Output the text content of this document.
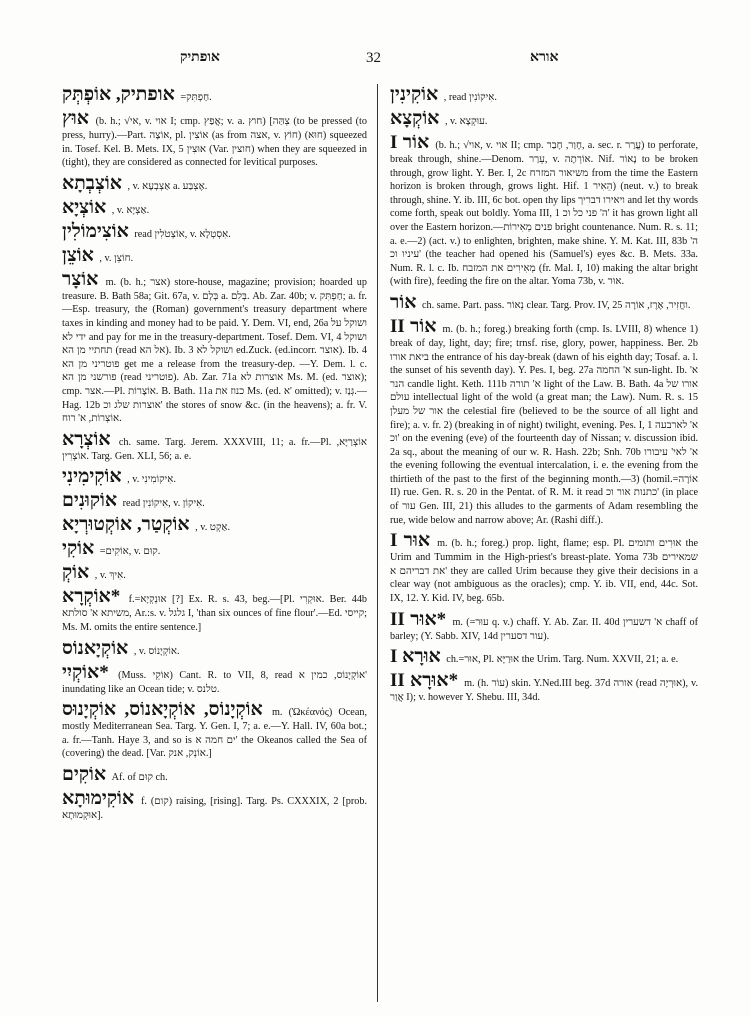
אופתיק	32	אורא

אופתיק, אוֹפְתְּק =חַפְתִּק.

אוּץ (b. h.; √אי, v. אוי I; cmp. אֲפַץ; v. a. חוץ) [צְהַּה (to be pressed (to press, hurry).—Part. אוֹצָה, pl. אוֹצִין (as from אצה, v. חוֹץ) (חוּא) squeezed in. Tosef. Kel. B. Mets. IX, 5 אוּצִין (Var. חוצין) when they are squeezed in (tight), they are considered as connected for levitical purposes.

אוֹצְבְתָא , v. אַצְבְעָא a. אֶצְבַּע.

אוֹצְיָא , v. אַצְיָא.

אוֹצִימוֹלִין read אוֹצְטֹלִין, v. אִסְטְלָא.

אוֹצֵן , v. חוֹצֵן.

אוֹצָר m. (b. h.; אצר) store-house, magazine; provision; hoarded up treasure. B. Bath 58a; Git. 67a, v. בְּלָם a. בְּלִם. Ab. Zar. 40b; v. חַפְתִּק; a. fr.—Esp. treasury, the (Roman) government's treasury department where taxes in kinding and money had to be paid. Y. Dem. VI, end, 26a ושוקל על ידי לא and pay for me in the treasury-department. Tosef. Dem. VI, 4 ושוקל תחתיי מן הא (read אל הא). Ib. 3 ושוקל לא ed.Zuck. (ed.incorr. אוצר). Ib. 4 פוטריני מן הא get me a release from the treasury-dep. —Y. Dem. l. c. פורשני מן הא (read פוטריני). Ab. Zar. 71a אוצרות לא Ms. M. (ed. אוצר); cmp. אצר.—Pl. אוֹצָרוֹת. B. Bath. 11a כנוז את Ms. (ed. א' omitted); v. גְּנַז.—Hag. 12b אוצרות שלג וכ' the stores of snow &c. (in the heavens); a. fr. V. אוֹצְרוֹת, א' רוח.

אוֹצְרָא ch. same. Targ. Jerem. XXXVIII, 11; a. fr.—Pl. אוֹצְרַיָּא, אוֹצְרִין. Targ. Gen. XLI, 56; a. e.

אוֹקִימִינִי , v. אִיקוֹמִינִי.

אוֹקוּנִים read אִיקוֹנִין, v. אִיקוֹן.

אוֹקְטַר, אוֹקְטוּרְיָא , v. אַקְט.

אוֹקִי =אוֹקִים, v. קוּם.

אוֹקְ , v. אִיךְ.

*אוֹקְרָא f.=אוּנְקְיָא [?] Ex. R. s. 43, beg.—[Pl. אוּקְרִי. Ber. 44b משיתא א' סולתא, Ar.:s. v. גלגל I, 'than six ounces of fine flour'.—Ed. קייסי; Ms. M. omits the entire sentence.]

אוֹקְיָאנוֹס , v. אוֹקְיָנוֹס.

*אוֹקְיִי (Muss. אוֹקֵי) Cant. R. to VII, 8, read אוֹקְיָנוֹס, כמין א' inundating like an Ocean tide; v. טלנס.

אוֹקְיָנוֹס, אוֹקְיָאנוֹס, אוֹקְיָנוּס m. (Ὠκέανός) Ocean, mostly Mediterranean Sea. Targ. Y. Gen. I, 7; a. e.—Y. Hall. IV, 60a bot.; a. fr.—Tanh. Haye 3, and so is ים חמה א' the Okeanos called the Sea of (covering) the dead. [Var. אוֹנְק, אנק.]

אוֹקִים Af. of קוּם ch.

אוֹקִימוּתָא f. (קום) raising, [rising]. Targ. Ps. CXXXIX, 2 [prob. אוּקְמוּתָא].

אוֹקִינִין , read אִיקוֹנִין.

אוֹקְצָא , v. עוּקְצָא.

אוֹר I (b. h.; √אוי, v. אוי II; cmp. חָוַר, חָבַר, a. sec. r. עֲרַר) to perforate, break through, shine.—Denom. עֵרַר, v. אוֹרְתָה. Nif. נָאוֹר to be broken through, grow light. Y. Ber. I, 2c משיאור המזרח from the time the Eastern horizon is broken through, grows light. Hif. הֵאִיר 1) (neut. v.) to break through, shine. Y. ib. III, 6c bot. open thy lips ויאירו דבריך and let thy words come forth, speak out boldly. Yoma III, 1 ה' פני כל וכ' it has grown light all over the Eastern horizon.—פנים מְאִירוֹת bright countenance. Num. R. s. 11; a. e.—2) (act. v.) to enlighten, brighten, make shine. Y. M. Kat. III, 83b ה' עיניו וכ' (the teacher had opened his (Samuel's) eyes &c. B. Mets. 33a. Num. R. l. c. Ib. מְאִירִים את המזבח (fr. Mal. I, 10) making the altar bright (with fire), feeding the fire on the altar. Yoma 73b, v. אוּר.

אוֹר ch. same. Part. pass. נְאוֹר clear. Targ. Prov. IV, 25 וחֲזִיר, אֶרֶז, אוֹרָה.

אוֹר II m. (b. h.; foreg.) breaking forth (cmp. Is. LVIII, 8) whence 1) break of day, light, day; fire; trnsf. rise, glory, power, happiness. Ber. 2b ביאת אורו the entrance of his day-break (dawn of his eighth day; Tosaf. a. l. the sunset of his seventh day). Y. Pes. I, beg. 27a א' החמה sun-light. Ib. א' הנר candle light. Keth. 111b א' תורה light of the Law. B. Bath. 4a אורו של עולם intellectual light of the wold (a great man; the Law). Num. R. s. 15 אור של מעלן the celestial fire (believed to be the source of all light and fire); a. v. fr. 2) (breaking in of night) twilight, evening. Pes. I, 1 א' לארבעה וכ' on the evening (eve) of the fourteenth day of Nissan; v. discussion ibid. 2a sq., about the meaning of our w. R. Hash. 22b; Snh. 70b א' לאי' עיבורו the evening following the eventual intercalation, i. e. the evening from the thirtieth of the past to the first of the beginning month.—3) (homil.=אוֹרָה II) rue. Gen. R. s. 20 in the Pentat. of R. M. it read כתנות אור וכ' (in place of עור Gen. III, 21) this alludes to the garments of Adam resembling the rue, wide below and narrow above; Ar. (Rashi diff.).

אוּר I m. (b. h.; foreg.) prop. light, flame; esp. Pl. אוּרִים ותומים the Urim and Tummim in the High-priest's breast-plate. Yoma 73b שמאירים את דבריהם א' they are called Urim because they give their decisions in a clear way (not ambiguous as the oracles); cmp. Y. ib. VII, end, 44c. Sot. IX, 12. Y. Kid. IV, beg. 65b.

*אוּר II m. (=עוּר q. v.) chaff. Y. Ab. Zar. II. 40d א' דשערין chaff of barley; (Y. Sabb. XIV, 14d עור דסערין).

אוּרָא I ch.=אוּר, Pl. אוּרַיָּא the Urim. Targ. Num. XXVII, 21; a. e.

*אוּרָא II m. (h. עוֹר) skin. Y.Ned.III beg. 37d אורה (read אוּרְיָה), v. אֲוַר I); v. however Y. Shebu. III, 34d.
